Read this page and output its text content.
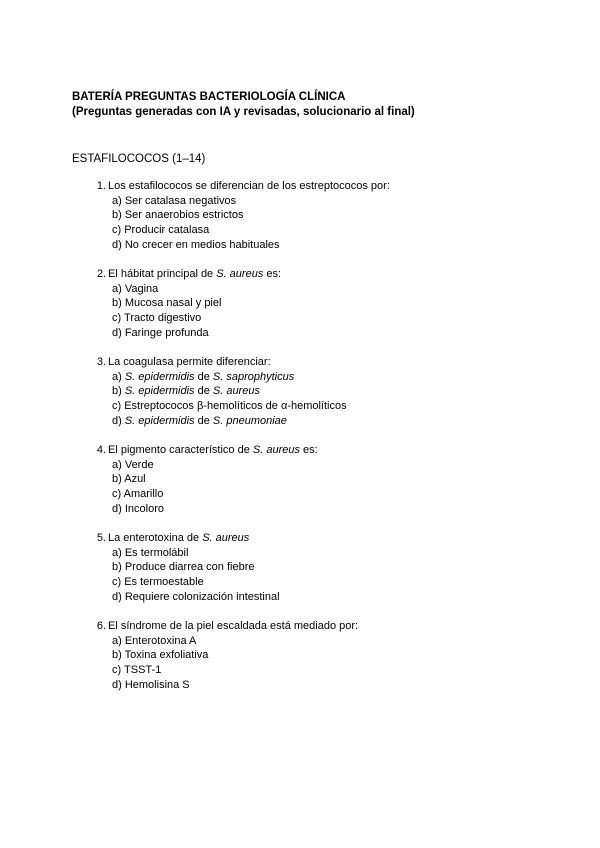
BATERÍA PREGUNTAS BACTERIOLOGÍA CLÍNICA
(Preguntas generadas con IA y revisadas, solucionario al final)
ESTAFILOCOCOS (1–14)
1. Los estafilococos se diferencian de los estreptococos por:
a) Ser catalasa negativos
b) Ser anaerobios estrictos
c) Producir catalasa
d) No crecer en medios habituales
2. El hábitat principal de S. aureus es:
a) Vagina
b) Mucosa nasal y piel
c) Tracto digestivo
d) Faringe profunda
3. La coagulasa permite diferenciar:
a) S. epidermidis de S. saprophyticus
b) S. epidermidis de S. aureus
c) Estreptococos β-hemolíticos de α-hemolíticos
d) S. epidermidis de S. pneumoniae
4. El pigmento característico de S. aureus es:
a) Verde
b) Azul
c) Amarillo
d) Incoloro
5. La enterotoxina de S. aureus
a) Es termolábil
b) Produce diarrea con fiebre
c) Es termoestable
d) Requiere colonización intestinal
6. El síndrome de la piel escaldada está mediado por:
a) Enterotoxina A
b) Toxina exfoliativa
c) TSST-1
d) Hemolisina S
